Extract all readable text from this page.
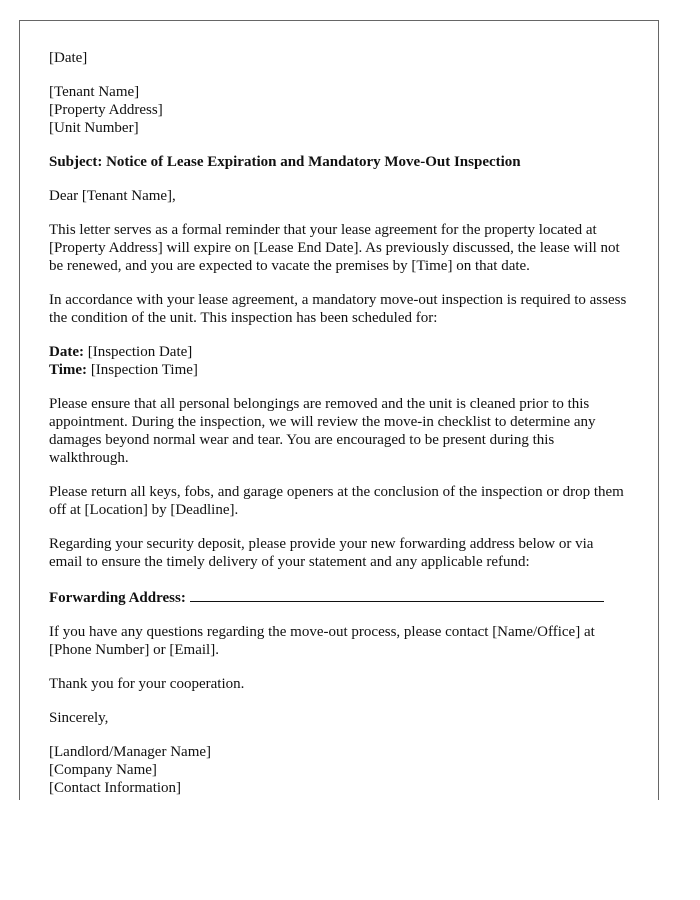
[Date]
[Tenant Name]
[Property Address]
[Unit Number]

Subject: Notice of Lease Expiration and Mandatory Move-Out Inspection

Dear [Tenant Name],

This letter serves as a formal reminder that your lease agreement for the property located at [Property Address] will expire on [Lease End Date]. As previously discussed, the lease will not be renewed, and you are expected to vacate the premises by [Time] on that date.

In accordance with your lease agreement, a mandatory move-out inspection is required to assess the condition of the unit. This inspection has been scheduled for:

Date: [Inspection Date]
Time: [Inspection Time]

Please ensure that all personal belongings are removed and the unit is cleaned prior to this appointment. During the inspection, we will review the move-in checklist to determine any damages beyond normal wear and tear. You are encouraged to be present during this walkthrough.

Please return all keys, fobs, and garage openers at the conclusion of the inspection or drop them off at [Location] by [Deadline].

Regarding your security deposit, please provide your new forwarding address below or via email to ensure the timely delivery of your statement and any applicable refund:

Forwarding Address:

If you have any questions regarding the move-out process, please contact [Name/Office] at [Phone Number] or [Email].

Thank you for your cooperation.

Sincerely,

[Landlord/Manager Name]
[Company Name]
[Contact Information]
